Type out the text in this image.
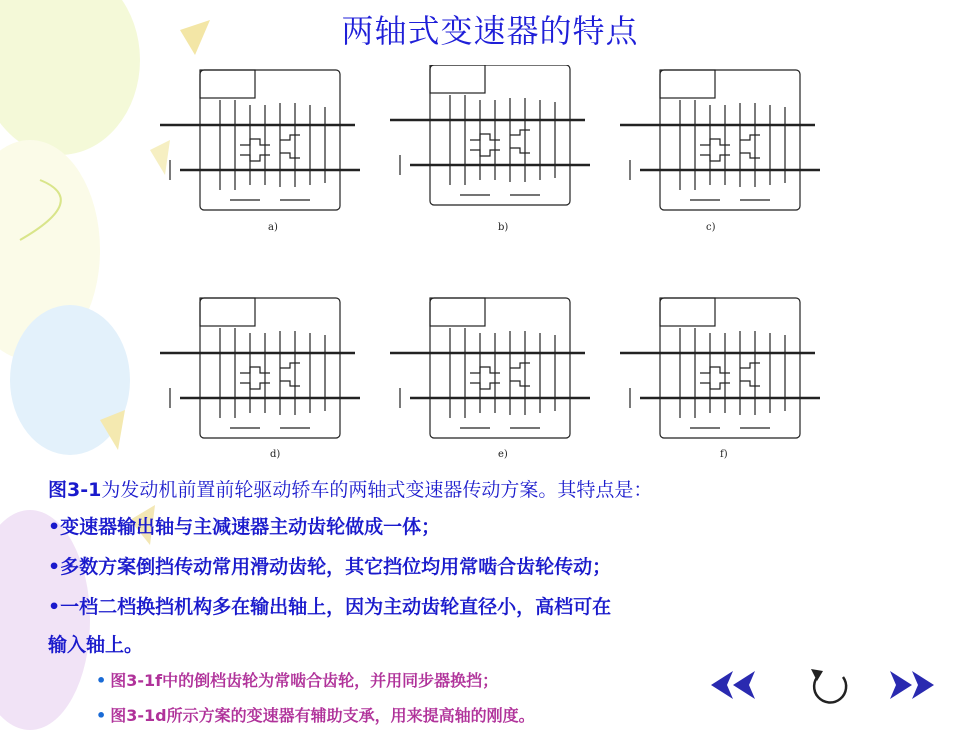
两轴式变速器的特点
a)	b)	c)
d)	e)	f)
图3-1为发动机前置前轮驱动轿车的两轴式变速器传动方案。其特点是：
•变速器输出轴与主减速器主动齿轮做成一体；
•多数方案倒挡传动常用滑动齿轮，其它挡位均用常啮合齿轮传动；
•一档二档换挡机构多在输出轴上，因为主动齿轮直径小，高档可在
输入轴上。
• 图3-1f中的倒档齿轮为常啮合齿轮，并用同步器换挡；
• 图3-1d所示方案的变速器有辅助支承，用来提高轴的刚度。
